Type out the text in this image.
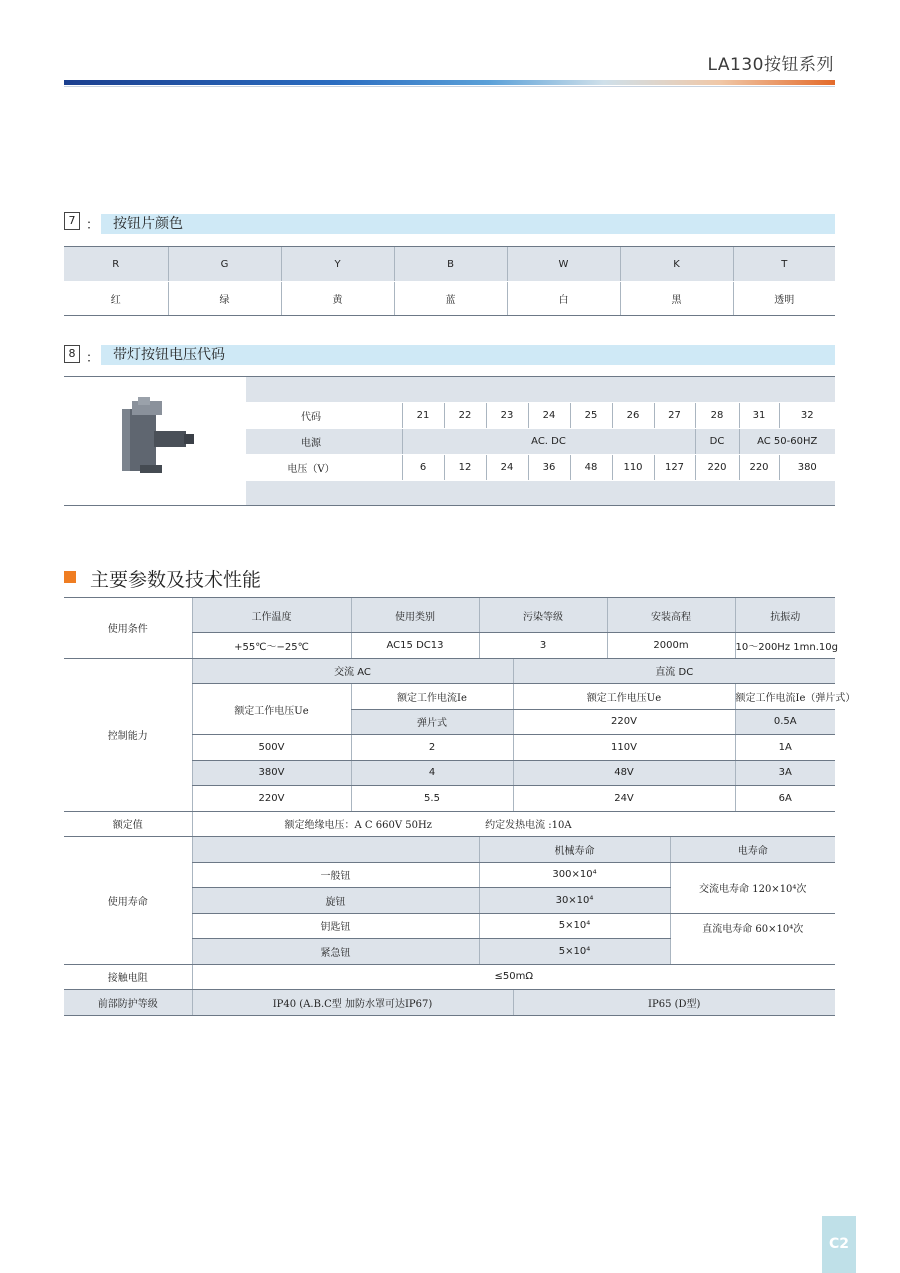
LA130按钮系列
7 ： 按钮片颜色
R	G	Y	B	W	K	T
红	绿	黄	蓝	白	黑	透明
8 ： 带灯按钮电压代码
代码	21	22	23	24	25	26	27	28	31	32
电源	AC. DC							DC	AC 50-60HZ	
电压（V）	6	12	24	36	48	110	127	220	220	380
主要参数及技术性能
使用条件	工作温度	使用类别	污染等级		安装高程		抗振动
	+55℃～−25℃	AC15 DC13	3		2000m		10～200Hz 1mn.10g
控制能力	交流 AC			直流 DC			
	额定工作电压Ue	额定工作电流Ie		额定工作电压Ue			额定工作电流Ie（弹片式）
		弹片式		220V			0.5A
	500V	2		110V			1A
	380V	4		48V			3A
	220V	5.5		24V			6A
额定值	额定绝缘电压：A C 660V 50Hz 约定发热电流 :10A						
使用寿命			机械寿命			电寿命	
	一般钮		300×10⁴			交流电寿命 120×10⁴次	
	旋钮		30×10⁴				
	钥匙钮		5×10⁴			直流电寿命 60×10⁴次	
	紧急钮		5×10⁴				
接触电阻	≤50mΩ						
前部防护等级	IP40 (A.B.C型 加防水罩可达IP67)			IP65 (D型)			
C2
